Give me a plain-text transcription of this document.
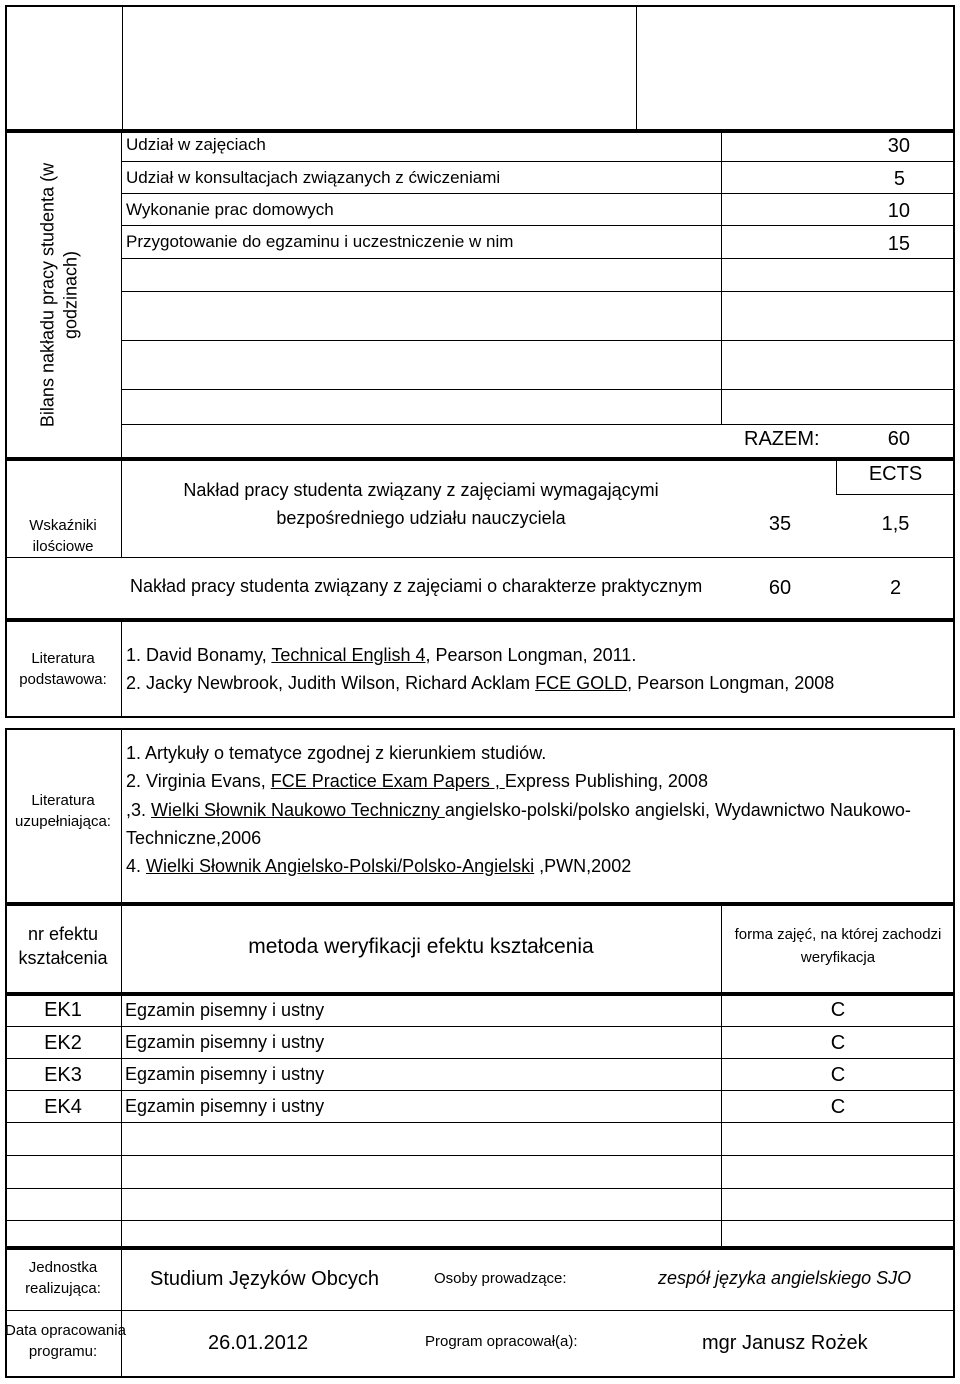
Bilans nakładu pracy studenta (w godzinach)
Udział w zajęciach	30
Udział w konsultacjach związanych z ćwiczeniami	5
Wykonanie prac domowych	10
Przygotowanie do egzaminu i uczestniczenie w nim	15
RAZEM:	60
Wskaźniki
ilościowe
ECTS
Nakład pracy studenta związany z zajęciami wymagającymi
bezpośredniego udziału nauczyciela	35	1,5
Nakład pracy studenta związany z zajęciami o charakterze praktycznym	60	2
Literatura
podstawowa:
1. David Bonamy, Technical English 4, Pearson Longman, 2011.
2. Jacky Newbrook, Judith Wilson, Richard Acklam FCE GOLD, Pearson Longman, 2008
Literatura
uzupełniająca:
1. Artykuły o tematyce zgodnej z kierunkiem studiów.
2. Virginia Evans, FCE Practice Exam Papers , Express Publishing, 2008
,3. Wielki Słownik Naukowo Techniczny angielsko-polski/polsko angielski, Wydawnictwo Naukowo-
Techniczne,2006
4. Wielki Słownik Angielsko-Polski/Polsko-Angielski ,PWN,2002
nr efektu
kształcenia	metoda weryfikacji efektu kształcenia
forma zajęć, na której zachodzi
weryfikacja
EK1	Egzamin pisemny i ustny	C
EK2	Egzamin pisemny i ustny	C
EK3	Egzamin pisemny i ustny	C
EK4	Egzamin pisemny i ustny	C
Jednostka
realizująca:	Studium Języków Obcych	Osoby prowadzące:	zespół języka angielskiego SJO
Data opracowania
programu:	26.01.2012	Program opracował(a):	mgr Janusz Rożek
